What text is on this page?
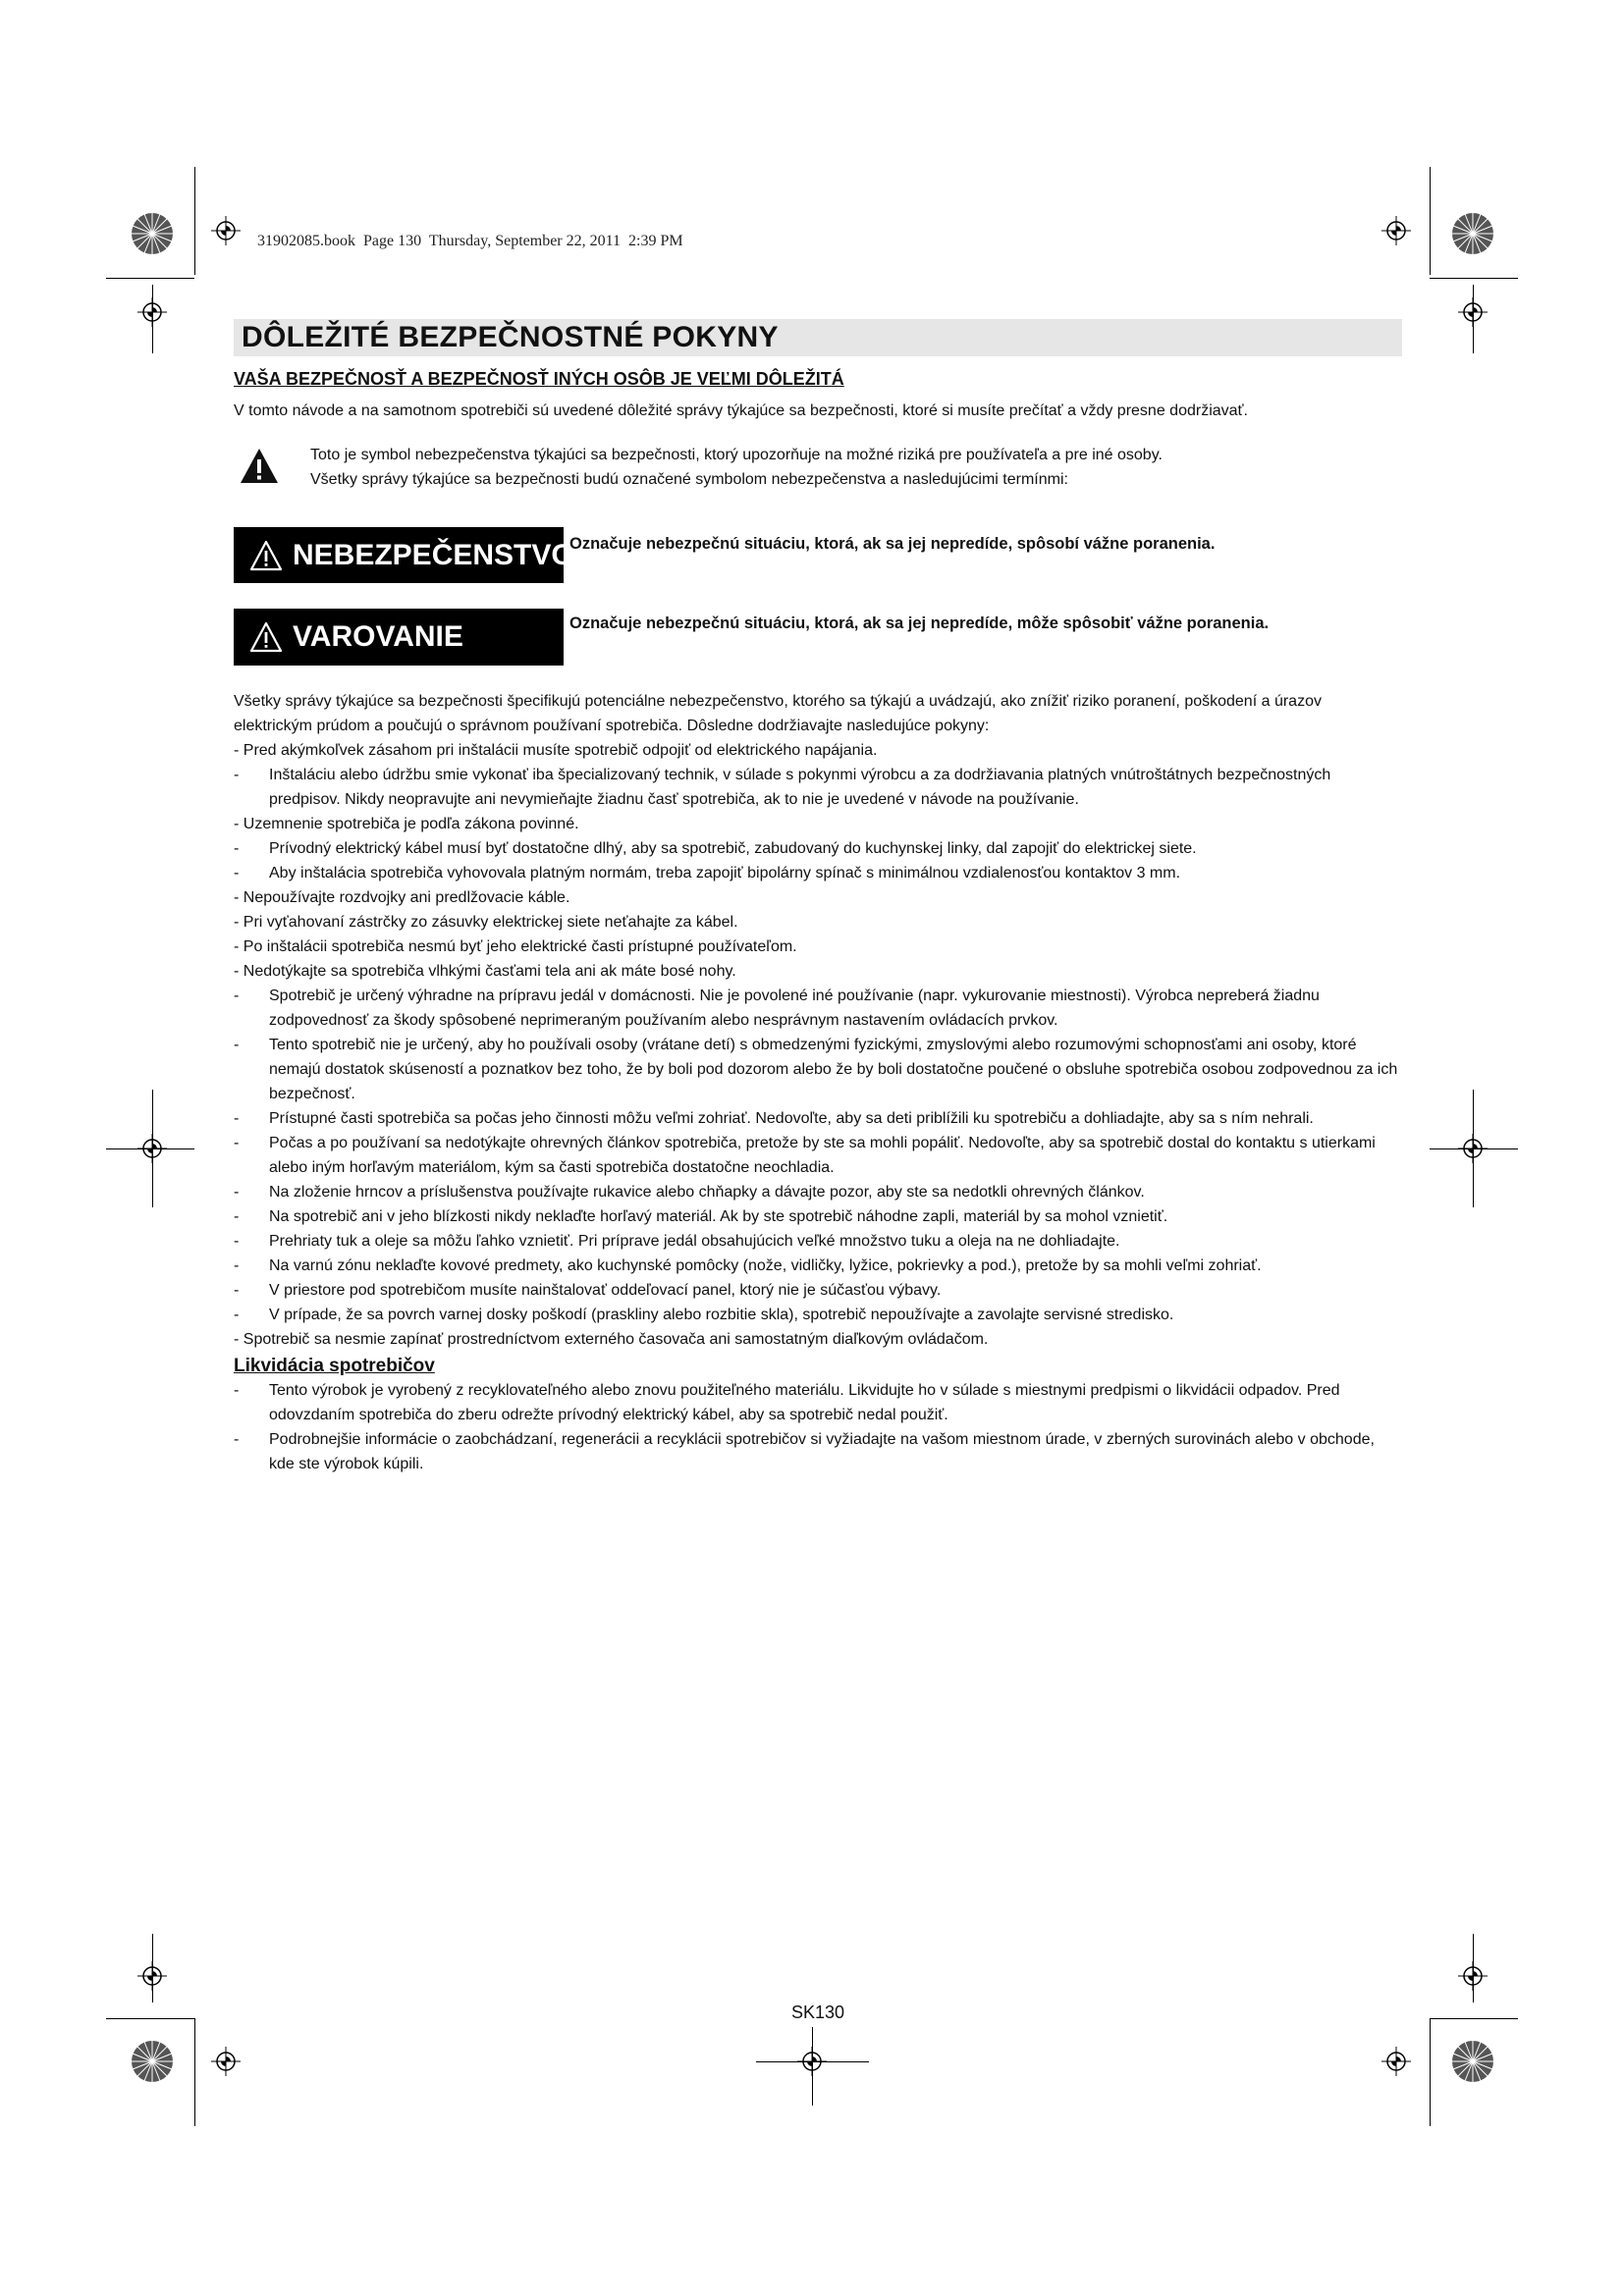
31902085.book  Page 130  Thursday, September 22, 2011  2:39 PM
DÔLEŽITÉ BEZPEČNOSTNÉ POKYNY
VAŠA BEZPEČNOSŤ A BEZPEČNOSŤ INÝCH OSÔB JE VEĽMI DÔLEŽITÁ
V tomto návode a na samotnom spotrebiči sú uvedené dôležité správy týkajúce sa bezpečnosti, ktoré si musíte prečítať a vždy presne dodržiavať.
Toto je symbol nebezpečenstva týkajúci sa bezpečnosti, ktorý upozorňuje na možné riziká pre používateľa a pre iné osoby.
Všetky správy týkajúce sa bezpečnosti budú označené symbolom nebezpečenstva a nasledujúcimi termínmi:
NEBEZPEČENSTVO
Označuje nebezpečnú situáciu, ktorá, ak sa jej nepredíde, spôsobí vážne poranenia.
VAROVANIE	Označuje nebezpečnú situáciu, ktorá, ak sa jej nepredíde, môže spôsobiť vážne poranenia.

Všetky správy týkajúce sa bezpečnosti špecifikujú potenciálne nebezpečenstvo, ktorého sa týkajú a uvádzajú, ako znížiť riziko poranení, poškodení a úrazov elektrickým prúdom a poučujú o správnom používaní spotrebiča. Dôsledne dodržiavajte nasledujúce pokyny:

- Pred akýmkoľvek zásahom pri inštalácii musíte spotrebič odpojiť od elektrického napájania.
- Inštaláciu alebo údržbu smie vykonať iba špecializovaný technik, v súlade s pokynmi výrobcu a za dodržiavania platných vnútroštátnych bezpečnostných predpisov. Nikdy neopravujte ani nevymieňajte žiadnu časť spotrebiča, ak to nie je uvedené v návode na používanie.
- Uzemnenie spotrebiča je podľa zákona povinné.
- Prívodný elektrický kábel musí byť dostatočne dlhý, aby sa spotrebič, zabudovaný do kuchynskej linky, dal zapojiť do elektrickej siete.
- Aby inštalácia spotrebiča vyhovovala platným normám, treba zapojiť bipolárny spínač s minimálnou vzdialenosťou kontaktov 3 mm.
- Nepoužívajte rozdvojky ani predlžovacie káble.
- Pri vyťahovaní zástrčky zo zásuvky elektrickej siete neťahajte za kábel.
- Po inštalácii spotrebiča nesmú byť jeho elektrické časti prístupné používateľom.
- Nedotýkajte sa spotrebiča vlhkými časťami tela ani ak máte bosé nohy.
- Spotrebič je určený výhradne na prípravu jedál v domácnosti. Nie je povolené iné používanie (napr. vykurovanie miestnosti). Výrobca nepreberá žiadnu zodpovednosť za škody spôsobené neprimeraným používaním alebo nesprávnym nastavením ovládacích prvkov.
- Tento spotrebič nie je určený, aby ho používali osoby (vrátane detí) s obmedzenými fyzickými, zmyslovými alebo rozumovými schopnosťami ani osoby, ktoré nemajú dostatok skúseností a poznatkov bez toho, že by boli pod dozorom alebo že by boli dostatočne poučené o obsluhe spotrebiča osobou zodpovednou za ich bezpečnosť.
- Prístupné časti spotrebiča sa počas jeho činnosti môžu veľmi zohriať. Nedovoľte, aby sa deti priblížili ku spotrebiču a dohliadajte, aby sa s ním nehrali.
- Počas a po používaní sa nedotýkajte ohrevných článkov spotrebiča, pretože by ste sa mohli popáliť. Nedovoľte, aby sa spotrebič dostal do kontaktu s utierkami alebo iným horľavým materiálom, kým sa časti spotrebiča dostatočne neochladia.
- Na zloženie hrncov a príslušenstva používajte rukavice alebo chňapky a dávajte pozor, aby ste sa nedotkli ohrevných článkov.
- Na spotrebič ani v jeho blízkosti nikdy neklaďte horľavý materiál. Ak by ste spotrebič náhodne zapli, materiál by sa mohol vznietiť.
- Prehriaty tuk a oleje sa môžu ľahko vznietiť. Pri príprave jedál obsahujúcich veľké množstvo tuku a oleja na ne dohliadajte.
- Na varnú zónu neklaďte kovové predmety, ako kuchynské pomôcky (nože, vidličky, lyžice, pokrievky a pod.), pretože by sa mohli veľmi zohriať.
- V priestore pod spotrebičom musíte nainštalovať oddeľovací panel, ktorý nie je súčasťou výbavy.
- V prípade, že sa povrch varnej dosky poškodí (praskliny alebo rozbitie skla), spotrebič nepoužívajte a zavolajte servisné stredisko.
- Spotrebič sa nesmie zapínať prostredníctvom externého časovača ani samostatným diaľkovým ovládačom.
Likvidácia spotrebičov
- Tento výrobok je vyrobený z recyklovateľného alebo znovu použiteľného materiálu. Likvidujte ho v súlade s miestnymi predpismi o likvidácii odpadov. Pred odovzdaním spotrebiča do zberu odrežte prívodný elektrický kábel, aby sa spotrebič nedal použiť.
- Podrobnejšie informácie o zaobchádzaní, regenerácii a recyklácii spotrebičov si vyžiadajte na vašom miestnom úrade, v zberných surovinách alebo v obchode, kde ste výrobok kúpili.
SK130
